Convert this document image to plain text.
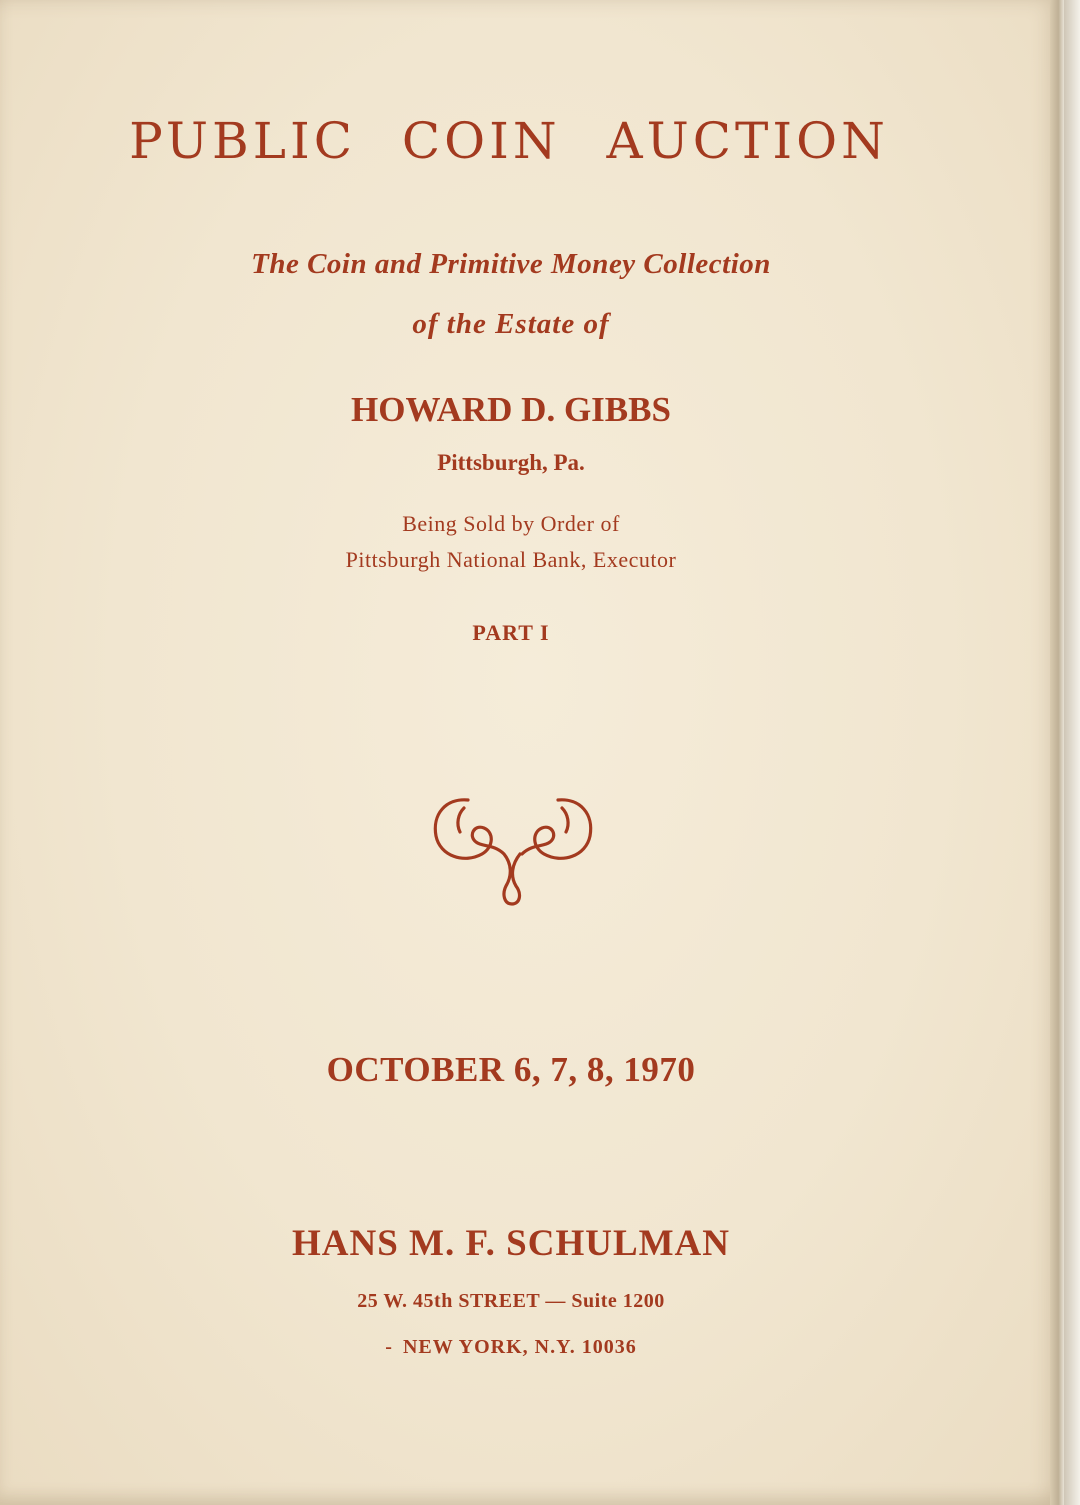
PUBLIC COIN AUCTION
The Coin and Primitive Money Collection
of the Estate of
HOWARD D. GIBBS
Pittsburgh, Pa.
Being Sold by Order of
Pittsburgh National Bank, Executor
PART I
OCTOBER 6, 7, 8, 1970
HANS M. F. SCHULMAN
25 W. 45th STREET — Suite 1200
- NEW YORK, N.Y. 10036
